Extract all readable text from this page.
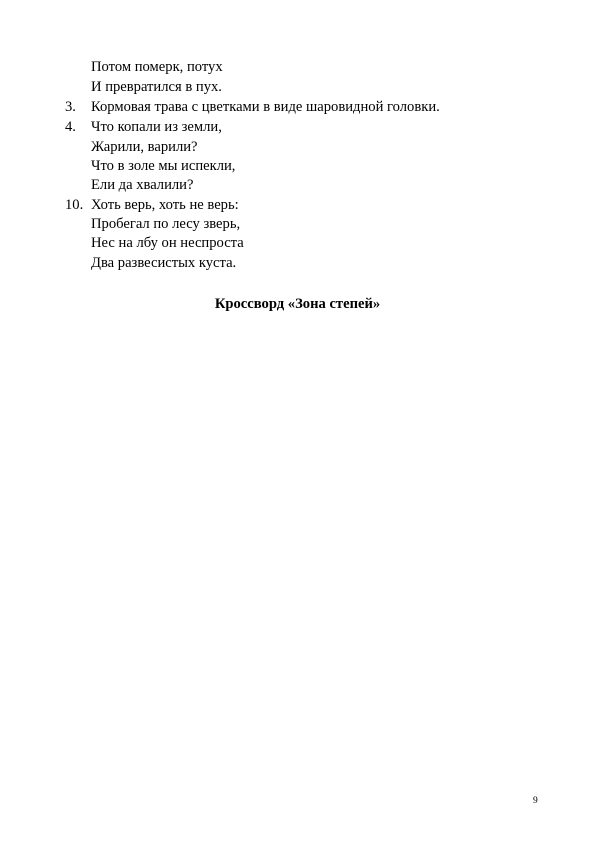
Потом померк, потух
И превратился в пух.
3. Кормовая трава с цветками в виде шаровидной головки.
4. Что копали из земли,
Жарили, варили?
Что в золе мы испекли,
Ели да хвалили?
10. Хоть верь, хоть не верь:
Пробегал по лесу зверь,
Нес на лбу он неспроста
Два развесистых куста.
Кроссворд «Зона степей»
9
